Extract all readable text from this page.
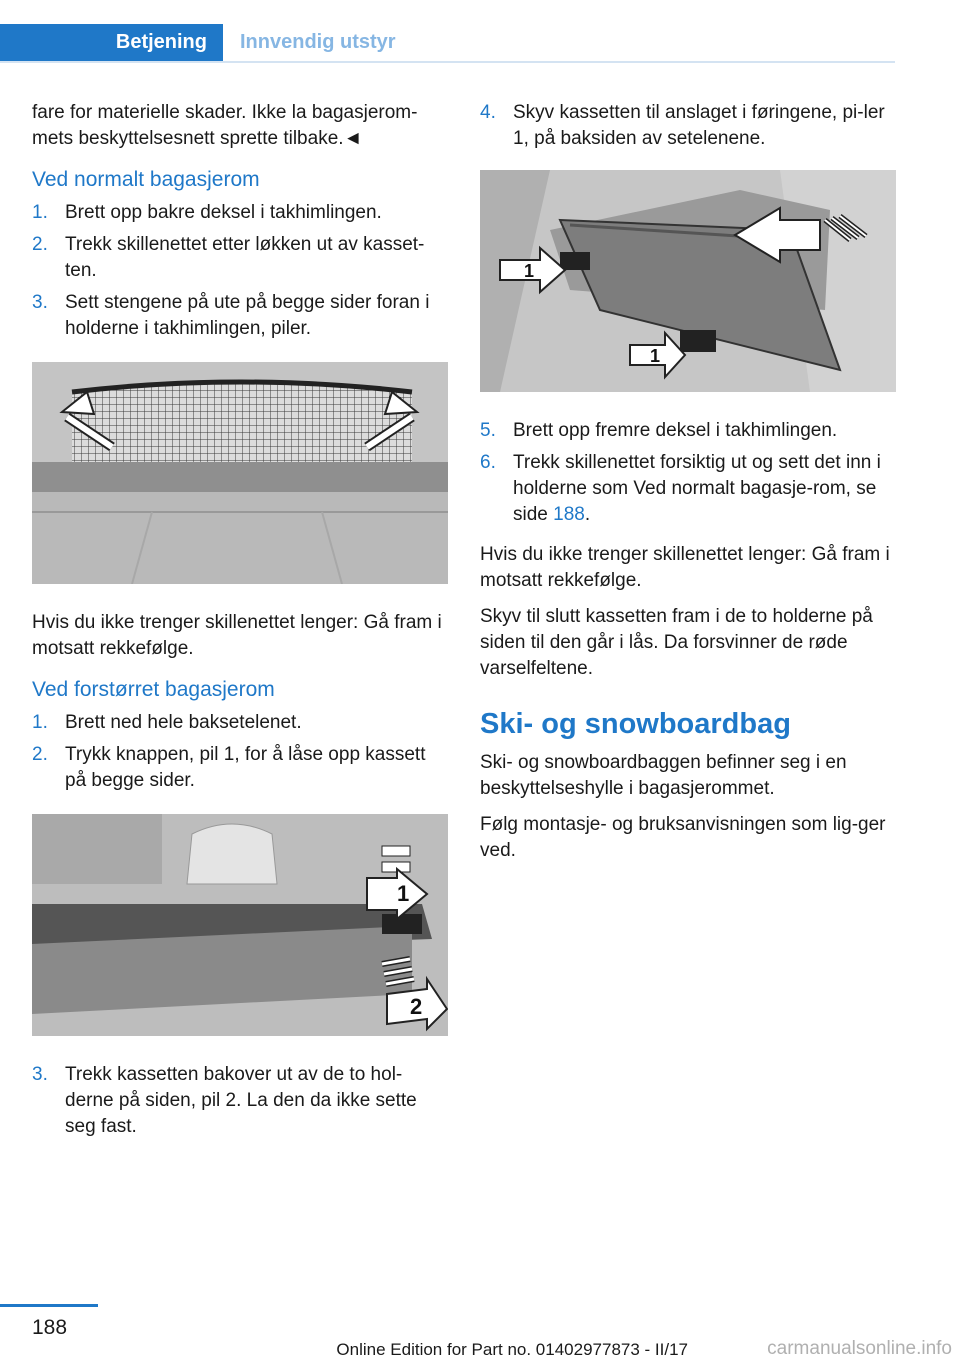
Betjening	Innvendig utstyr

fare for materielle skader. Ikke la bagasjerom‐mets beskyttelsesnett sprette tilbake.◄

Ved normalt bagasjerom
1. Brett opp bakre deksel i takhimlingen.
2. Trekk skillenettet etter løkken ut av kasset‐ten.
3. Sett stengene på ute på begge sider foran i holderne i takhimlingen, piler.

Hvis du ikke trenger skillenettet lenger: Gå fram i motsatt rekkefølge.

Ved forstørret bagasjerom
1. Brett ned hele baksetelenet.
2. Trykk knappen, pil 1, for å låse opp kassett på begge sider.
1
2
3. Trekk kassetten bakover ut av de to hol‐derne på siden, pil 2. La den da ikke sette seg fast.
4. Skyv kassetten til anslaget i føringene, pi‐ler 1, på baksiden av setelenene.
1
1
5. Brett opp fremre deksel i takhimlingen.
6. Trekk skillenettet forsiktig ut og sett det inn i holderne som Ved normalt bagasje‐rom, se side 188.

Hvis du ikke trenger skillenettet lenger: Gå fram i motsatt rekkefølge.

Skyv til slutt kassetten fram i de to holderne på siden til den går i lås. Da forsvinner de røde varselfeltene.

Ski- og snowboardbag

Ski- og snowboardbaggen befinner seg i en beskyttelseshylle i bagasjerommet.

Følg montasje- og bruksanvisningen som lig‐ger ved.

188
Online Edition for Part no. 01402977873 - II/17	carmanualsonline.info
